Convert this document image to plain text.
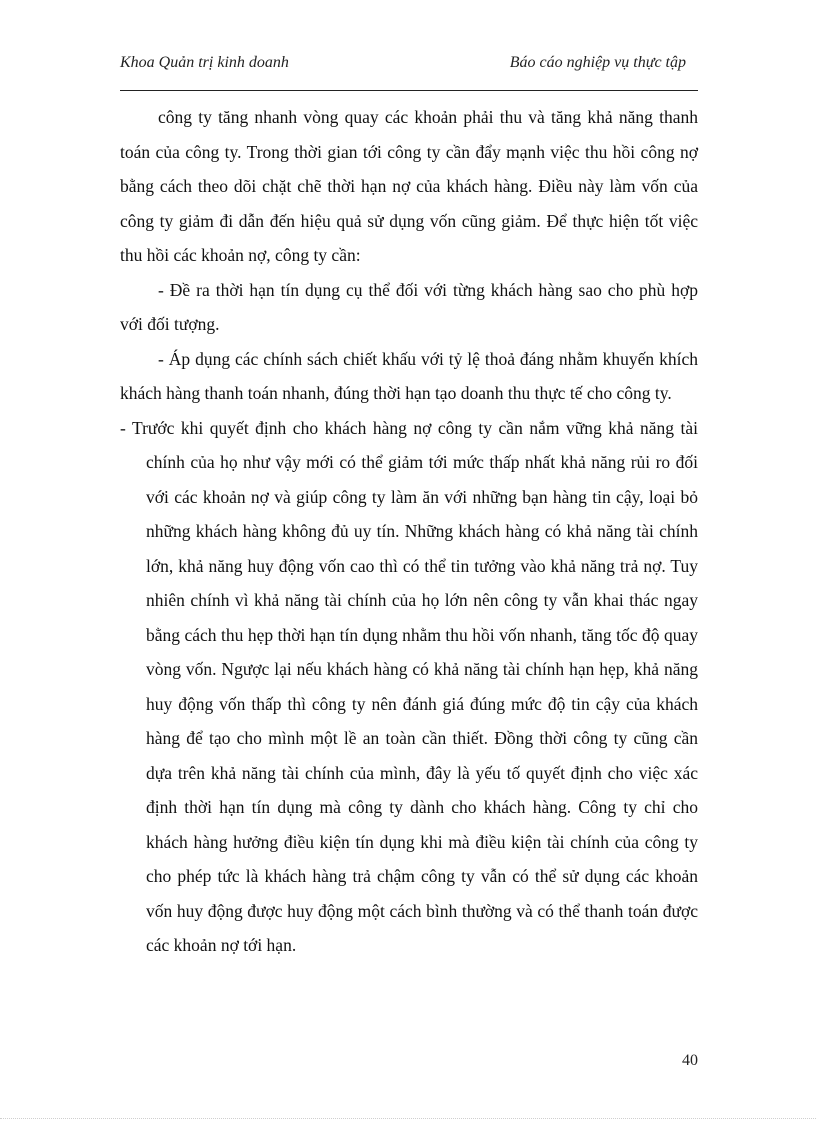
Khoa Quản trị kinh doanh	Báo cáo nghiệp vụ thực tập

công ty tăng nhanh vòng quay các khoản phải thu và tăng khả năng thanh toán của công ty. Trong thời gian tới công ty cần đẩy mạnh việc thu hồi công nợ bằng cách theo dõi chặt chẽ thời hạn nợ của khách hàng. Điều này làm vốn của công ty giảm đi dẫn đến hiệu quả sử dụng vốn cũng giảm. Để thực hiện tốt việc thu hồi các khoản nợ, công ty cần:

- Đề ra thời hạn tín dụng cụ thể đối với từng khách hàng sao cho phù hợp với đối tượng.

- Áp dụng các chính sách chiết khấu với tỷ lệ thoả đáng nhằm khuyến khích khách hàng thanh toán nhanh, đúng thời hạn tạo doanh thu thực tế cho công ty.

- Trước khi quyết định cho khách hàng nợ công ty cần nắm vững khả năng tài chính của họ như vậy mới có thể giảm tới mức thấp nhất khả năng rủi ro đối với các khoản nợ và giúp công ty làm ăn với những bạn hàng tin cậy, loại bỏ những khách hàng không đủ uy tín. Những khách hàng có khả năng tài chính lớn, khả năng huy động vốn cao thì có thể tin tưởng vào khả năng trả nợ. Tuy nhiên chính vì khả năng tài chính của họ lớn nên công ty vẫn khai thác ngay bằng cách thu hẹp thời hạn tín dụng nhằm thu hồi vốn nhanh, tăng tốc độ quay vòng vốn. Ngược lại nếu khách hàng có khả năng tài chính hạn hẹp, khả năng huy động vốn thấp thì công ty nên đánh giá đúng mức độ tin cậy của khách hàng để tạo cho mình một lề an toàn cần thiết. Đồng thời công ty cũng cần dựa trên khả năng tài chính của mình, đây là yếu tố quyết định cho việc xác định thời hạn tín dụng mà công ty dành cho khách hàng. Công ty chỉ cho khách hàng hưởng điều kiện tín dụng khi mà điều kiện tài chính của công ty cho phép tức là khách hàng trả chậm công ty vẫn có thể sử dụng các khoản vốn huy động được huy động một cách bình thường và có thể thanh toán được các khoản nợ tới hạn.

40
